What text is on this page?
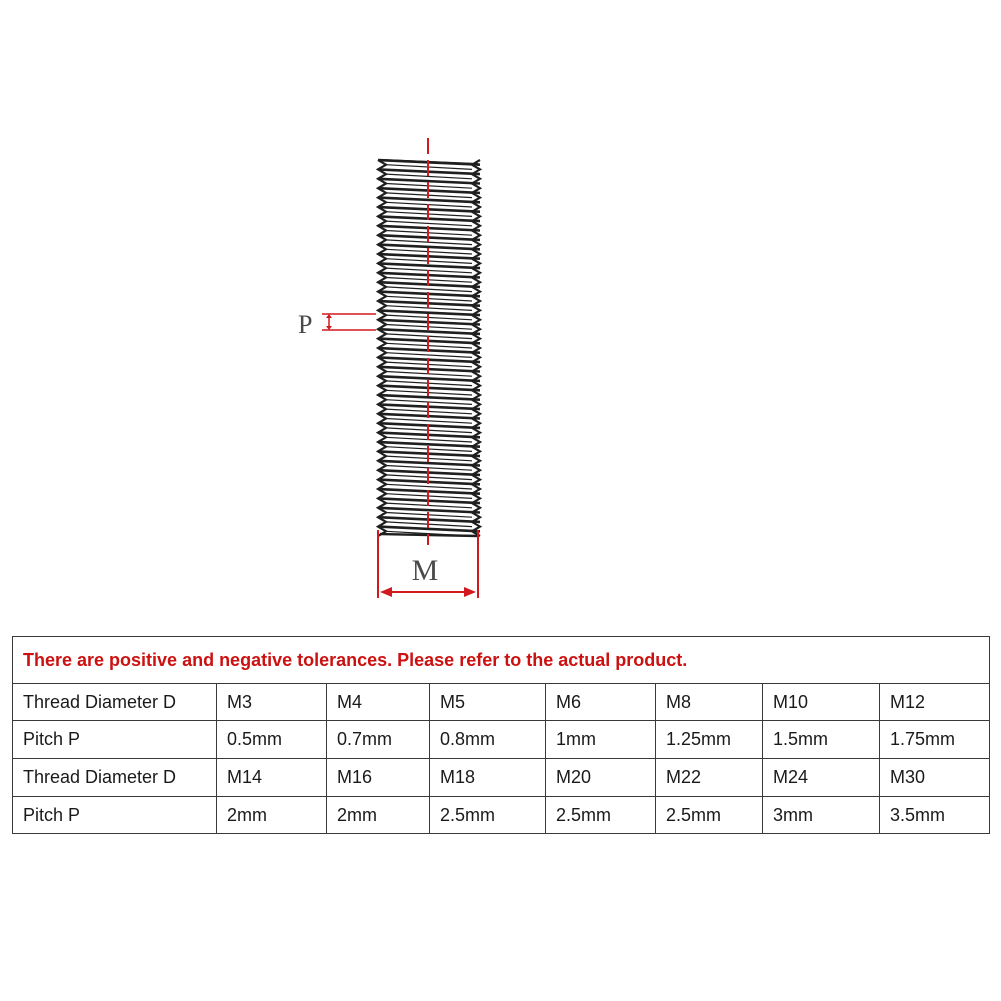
P
M
There are positive and negative tolerances. Please refer to the actual product.							
Thread Diameter D	M3	M4	M5	M6	M8	M10	M12
Pitch P	0.5mm	0.7mm	0.8mm	1mm	1.25mm	1.5mm	1.75mm
Thread Diameter D	M14	M16	M18	M20	M22	M24	M30
Pitch P	2mm	2mm	2.5mm	2.5mm	2.5mm	3mm	3.5mm
